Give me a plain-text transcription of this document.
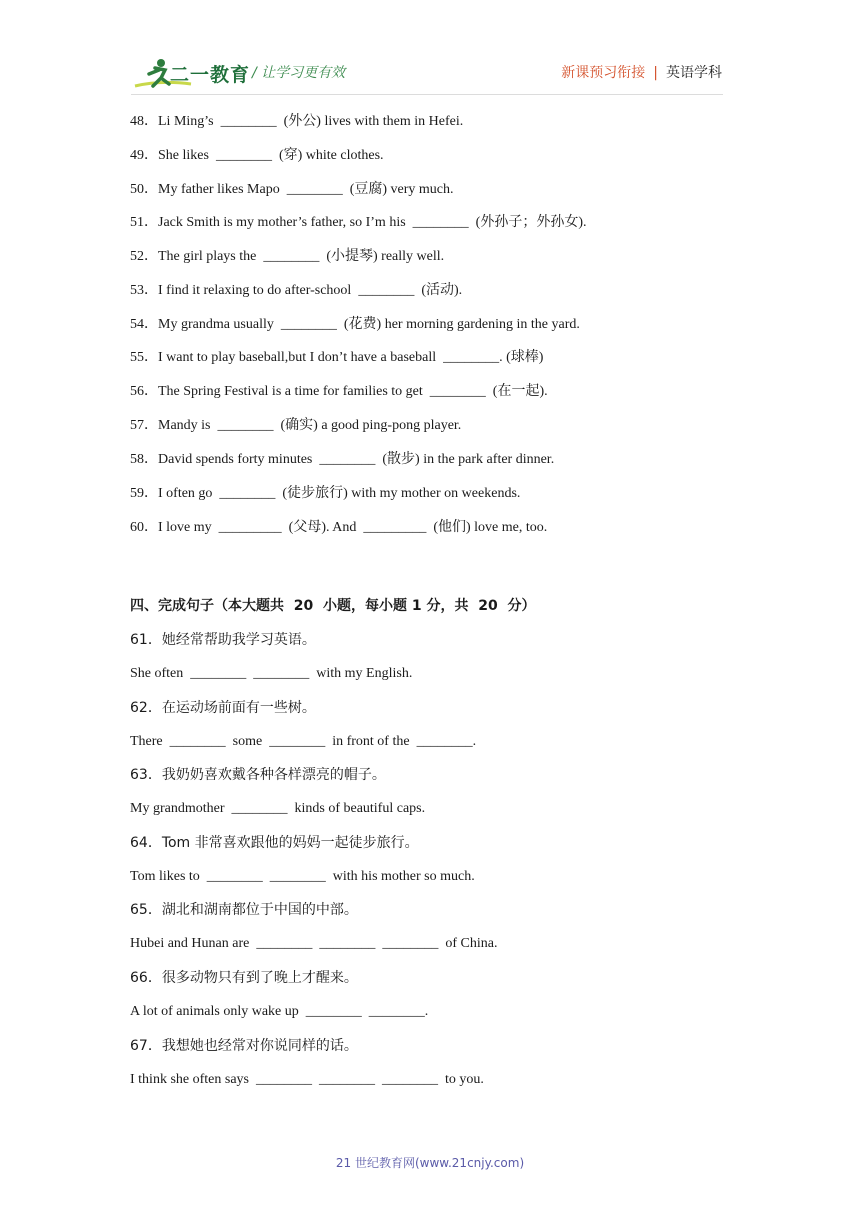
二一教育 / 让学习更有效	新课预习衔接 | 英语学科
48．Li Ming’s  ________  (外公) lives with them in Hefei.
49．She likes  ________  (穿) white clothes.
50．My father likes Mapo  ________  (豆腐) very much.
51．Jack Smith is my mother’s father, so I’m his  ________  (外孙子；外孙女).
52．The girl plays the  ________  (小提琴) really well.
53．I find it relaxing to do after-school  ________  (活动).
54．My grandma usually  ________  (花费) her morning gardening in the yard.
55．I want to play baseball,but I don’t have a baseball  ________. (球棒)
56．The Spring Festival is a time for families to get  ________  (在一起).
57．Mandy is  ________  (确实) a good ping-pong player.
58．David spends forty minutes  ________  (散步) in the park after dinner.
59．I often go  ________  (徒步旅行) with my mother on weekends.
60．I love my  _________  (父母). And  _________  (他们) love me, too.
四、完成句子（本大题共  20  小题，每小题 1 分，共  20  分）
61．她经常帮助我学习英语。
She often  ________  ________  with my English.
62．在运动场前面有一些树。
There  ________  some  ________  in front of the  ________.
63．我奶奶喜欢戴各种各样漂亮的帽子。
My grandmother  ________  kinds of beautiful caps.
64．Tom 非常喜欢跟他的妈妈一起徒步旅行。
Tom likes to  ________  ________  with his mother so much.
65．湖北和湖南都位于中国的中部。
Hubei and Hunan are  ________  ________  ________  of China.
66．很多动物只有到了晚上才醒来。
A lot of animals only wake up  ________  ________.
67．我想她也经常对你说同样的话。
I think she often says  ________  ________  ________  to you.
21 世纪教育网(www.21cnjy.com)
